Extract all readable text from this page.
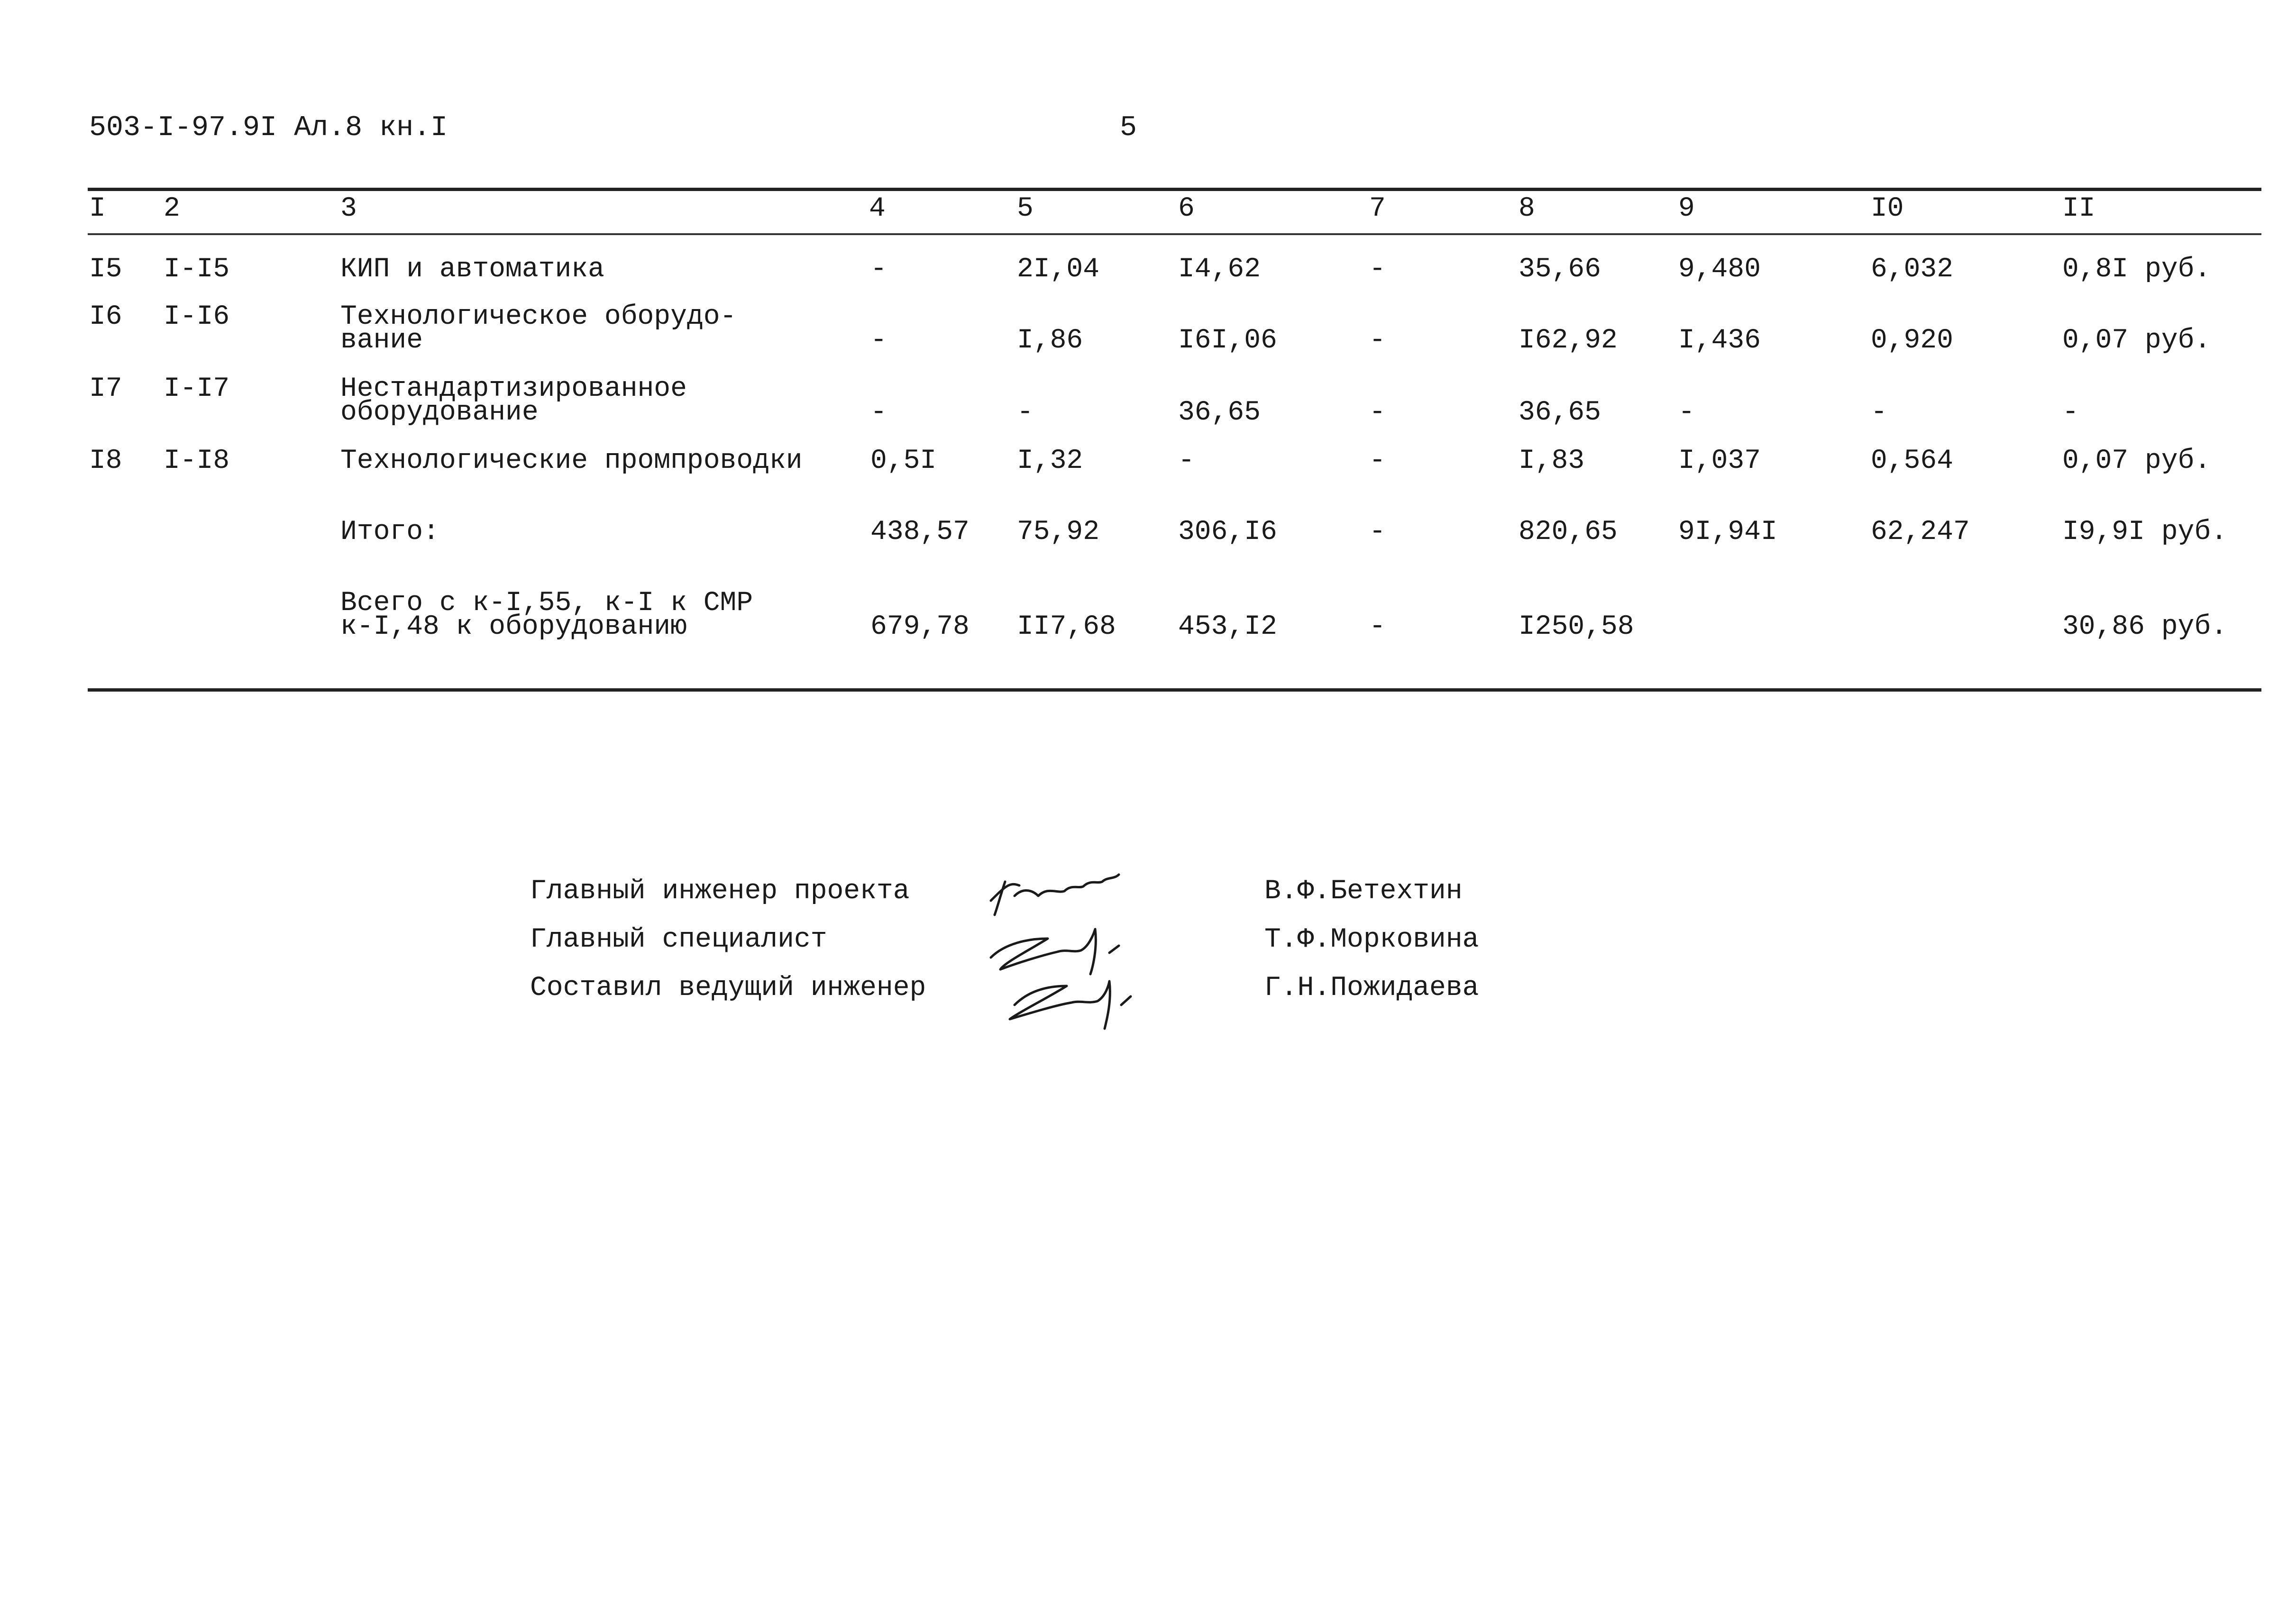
503-I-97.9I Ал.8 кн.I	5
I 2	3	4	5	6	7	8	9	I0	II
I5 I-I5	КИП и автоматика	-	2I,04	I4,62	-	35,66	9,480	6,032	0,8I руб.
I6 I-I6	Технологическое оборудо-
вание	-	I,86	I6I,06	-	I62,92 I,436	0,920	0,07 руб.
I7 I-I7	Нестандартизированное
оборудование	-	-	36,65	-	36,65	-	-	-
I8 I-I8	Технологические промпроводки 0,5I	I,32	-	-	I,83	I,037	0,564	0,07 руб.
Итого:	438,57 75,92	306,I6	-	820,65 9I,94I	62,247	I9,9I руб.
Всего с к-I,55, к-I к СМР
к-I,48 к оборудованию	679,78 II7,68 453,I2	-	I250,58	30,86 руб.
Главный инженер проекта	В.Ф.Бетехтин
Главный специалист	Т.Ф.Морковина
Составил ведущий инженер	Г.Н.Пожидаева
